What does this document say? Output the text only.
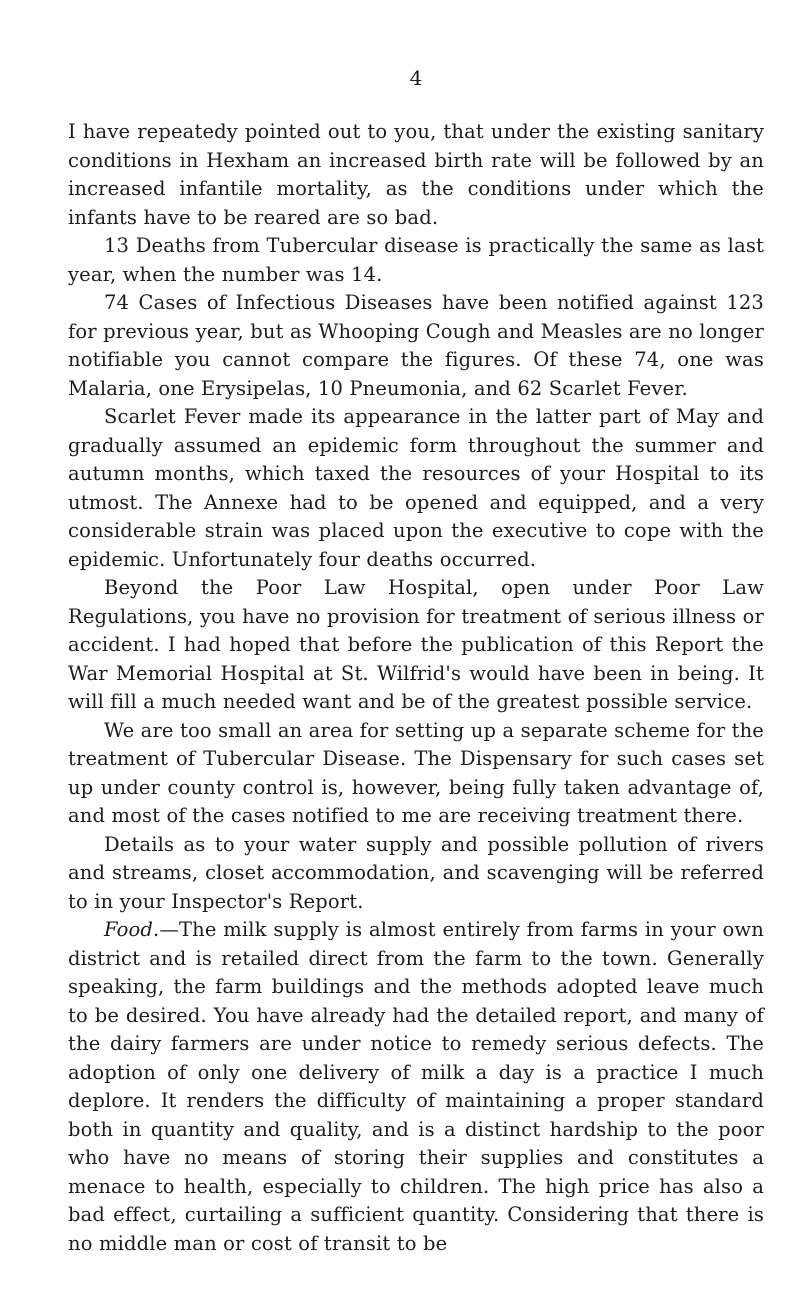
4

I have repeatedy pointed out to you, that under the existing sanitary conditions in Hexham an increased birth rate will be followed by an increased infantile mortality, as the conditions under which the infants have to be reared are so bad.

13 Deaths from Tubercular disease is practically the same as last year, when the number was 14.

74 Cases of Infectious Diseases have been notified against 123 for previous year, but as Whooping Cough and Measles are no longer notifiable you cannot compare the figures. Of these 74, one was Malaria, one Erysipelas, 10 Pneumonia, and 62 Scarlet Fever.

Scarlet Fever made its appearance in the latter part of May and gradually assumed an epidemic form throughout the summer and autumn months, which taxed the resources of your Hospital to its utmost. The Annexe had to be opened and equipped, and a very considerable strain was placed upon the executive to cope with the epidemic. Unfortunately four deaths occurred.

Beyond the Poor Law Hospital, open under Poor Law Regulations, you have no provision for treatment of serious illness or accident. I had hoped that before the publication of this Report the War Memorial Hospital at St. Wilfrid's would have been in being. It will fill a much needed want and be of the greatest possible service.

We are too small an area for setting up a separate scheme for the treatment of Tubercular Disease. The Dispensary for such cases set up under county control is, however, being fully taken advantage of, and most of the cases notified to me are receiving treatment there.

Details as to your water supply and possible pollution of rivers and streams, closet accommodation, and scavenging will be referred to in your Inspector's Report.

Food.—The milk supply is almost entirely from farms in your own district and is retailed direct from the farm to the town. Generally speaking, the farm buildings and the methods adopted leave much to be desired. You have already had the detailed report, and many of the dairy farmers are under notice to remedy serious defects. The adoption of only one delivery of milk a day is a practice I much deplore. It renders the difficulty of maintaining a proper standard both in quantity and quality, and is a distinct hardship to the poor who have no means of storing their supplies and constitutes a menace to health, especially to children. The high price has also a bad effect, curtailing a sufficient quantity. Considering that there is no middle man or cost of transit to be
